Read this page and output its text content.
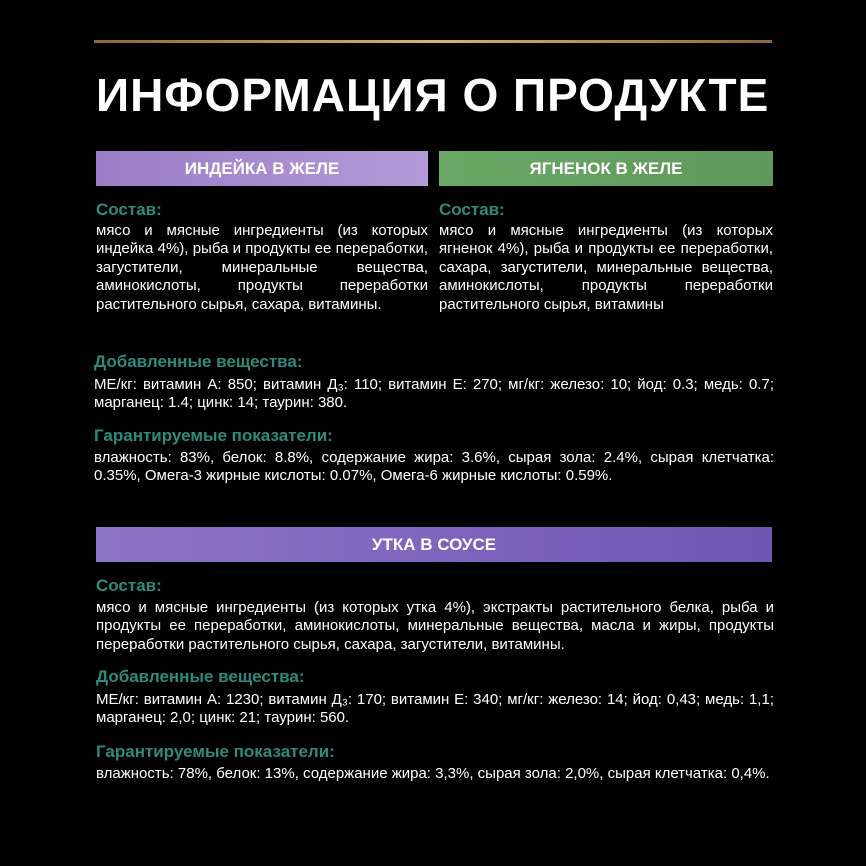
ИНФОРМАЦИЯ О ПРОДУКТЕ
ИНДЕЙКА В ЖЕЛЕ	ЯГНЕНОК В ЖЕЛЕ
Состав:
мясо и мясные ингредиенты (из которых индейка 4%), рыба и продукты ее переработки, загустители, минеральные вещества, аминокислоты, продукты переработки растительного сырья, сахара, витамины.
Состав:
мясо и мясные ингредиенты (из которых ягненок 4%), рыба и продукты ее переработки, сахара, загустители, минеральные вещества, аминокислоты, продукты переработки растительного сырья, витамины
Добавленные вещества:
МЕ/кг: витамин А: 850; витамин Д₃: 110; витамин Е: 270; мг/кг: железо: 10; йод: 0.3; медь: 0.7; марганец: 1.4; цинк: 14; таурин: 380.
Гарантируемые показатели:
влажность: 83%, белок: 8.8%, содержание жира: 3.6%, сырая зола: 2.4%, сырая клетчатка: 0.35%, Омега-3 жирные кислоты: 0.07%, Омега-6 жирные кислоты: 0.59%.
УТКА В СОУСЕ
Состав:
мясо и мясные ингредиенты (из которых утка 4%), экстракты растительного белка, рыба и продукты ее переработки, аминокислоты, минеральные вещества, масла и жиры, продукты переработки растительного сырья, сахара, загустители, витамины.
Добавленные вещества:
МЕ/кг: витамин А: 1230; витамин Д₃: 170; витамин Е: 340; мг/кг: железо: 14; йод: 0,43; медь: 1,1; марганец: 2,0; цинк: 21; таурин: 560.
Гарантируемые показатели:
влажность: 78%, белок: 13%, содержание жира: 3,3%, сырая зола: 2,0%, сырая клетчатка: 0,4%.
